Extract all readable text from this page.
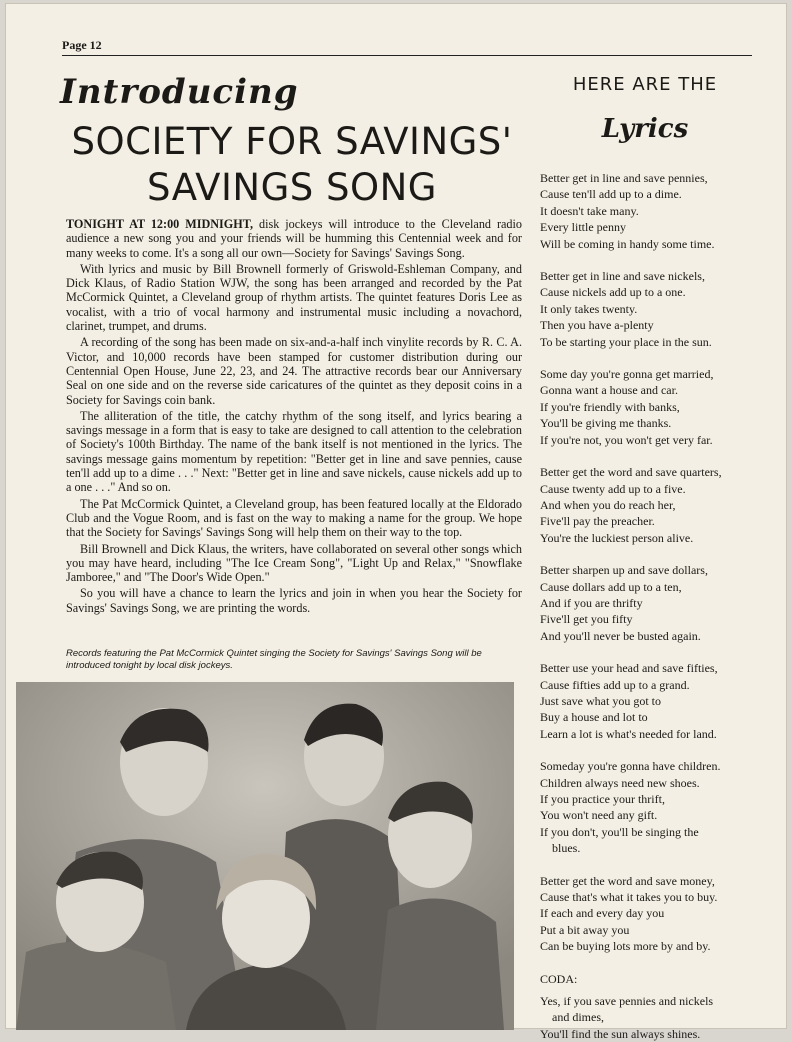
Page 12
Introducing
SOCIETY FOR SAVINGS'
SAVINGS SONG

TONIGHT AT 12:00 MIDNIGHT, disk jockeys will introduce to the Cleveland radio audience a new song you and your friends will be humming this Centennial week and for many weeks to come. It's a song all our own—Society for Savings' Savings Song.

With lyrics and music by Bill Brownell formerly of Griswold-Eshleman Company, and Dick Klaus, of Radio Station WJW, the song has been arranged and recorded by the Pat McCormick Quintet, a Cleveland group of rhythm artists. The quintet features Doris Lee as vocalist, with a trio of vocal harmony and instrumental music including a novachord, clarinet, trumpet, and drums.

A recording of the song has been made on six-and-a-half inch vinylite records by R. C. A. Victor, and 10,000 records have been stamped for customer distribution during our Centennial Open House, June 22, 23, and 24. The attractive records bear our Anniversary Seal on one side and on the reverse side caricatures of the quintet as they deposit coins in a Society for Savings coin bank.

The alliteration of the title, the catchy rhythm of the song itself, and lyrics bearing a savings message in a form that is easy to take are designed to call attention to the celebration of Society's 100th Birthday. The name of the bank itself is not mentioned in the lyrics. The savings message gains momentum by repetition: "Better get in line and save pennies, cause ten'll add up to a dime . . ." Next: "Better get in line and save nickels, cause nickels add up to a one . . ." And so on.

The Pat McCormick Quintet, a Cleveland group, has been featured locally at the Eldorado Club and the Vogue Room, and is fast on the way to making a name for the group. We hope that the Society for Savings' Savings Song will help them on their way to the top.

Bill Brownell and Dick Klaus, the writers, have collaborated on several other songs which you may have heard, including "The Ice Cream Song", "Light Up and Relax," "Snowflake Jamboree," and "The Door's Wide Open."

So you will have a chance to learn the lyrics and join in when you hear the Society for Savings' Savings Song, we are printing the words.

Records featuring the Pat McCormick Quintet singing the Society for Savings' Savings Song will be introduced tonight by local disk jockeys.
HERE ARE THE
Lyrics
Better get in line and save pennies,
Cause ten'll add up to a dime.
It doesn't take many.
Every little penny
Will be coming in handy some time.
Better get in line and save nickels,
Cause nickels add up to a one.
It only takes twenty.
Then you have a-plenty
To be starting your place in the sun.
Some day you're gonna get married,
Gonna want a house and car.
If you're friendly with banks,
You'll be giving me thanks.
If you're not, you won't get very far.
Better get the word and save quarters,
Cause twenty add up to a five.
And when you do reach her,
Five'll pay the preacher.
You're the luckiest person alive.
Better sharpen up and save dollars,
Cause dollars add up to a ten,
And if you are thrifty
Five'll get you fifty
And you'll never be busted again.
Better use your head and save fifties,
Cause fifties add up to a grand.
Just save what you got to
Buy a house and lot to
Learn a lot is what's needed for land.
Someday you're gonna have children.
Children always need new shoes.
If you practice your thrift,
You won't need any gift.
If you don't, you'll be singing the
blues.
Better get the word and save money,
Cause that's what it takes you to buy.
If each and every day you
Put a bit away you
Can be buying lots more by and by.
CODA:
Yes, if you save pennies and nickels
and dimes,
You'll find the sun always shines.
